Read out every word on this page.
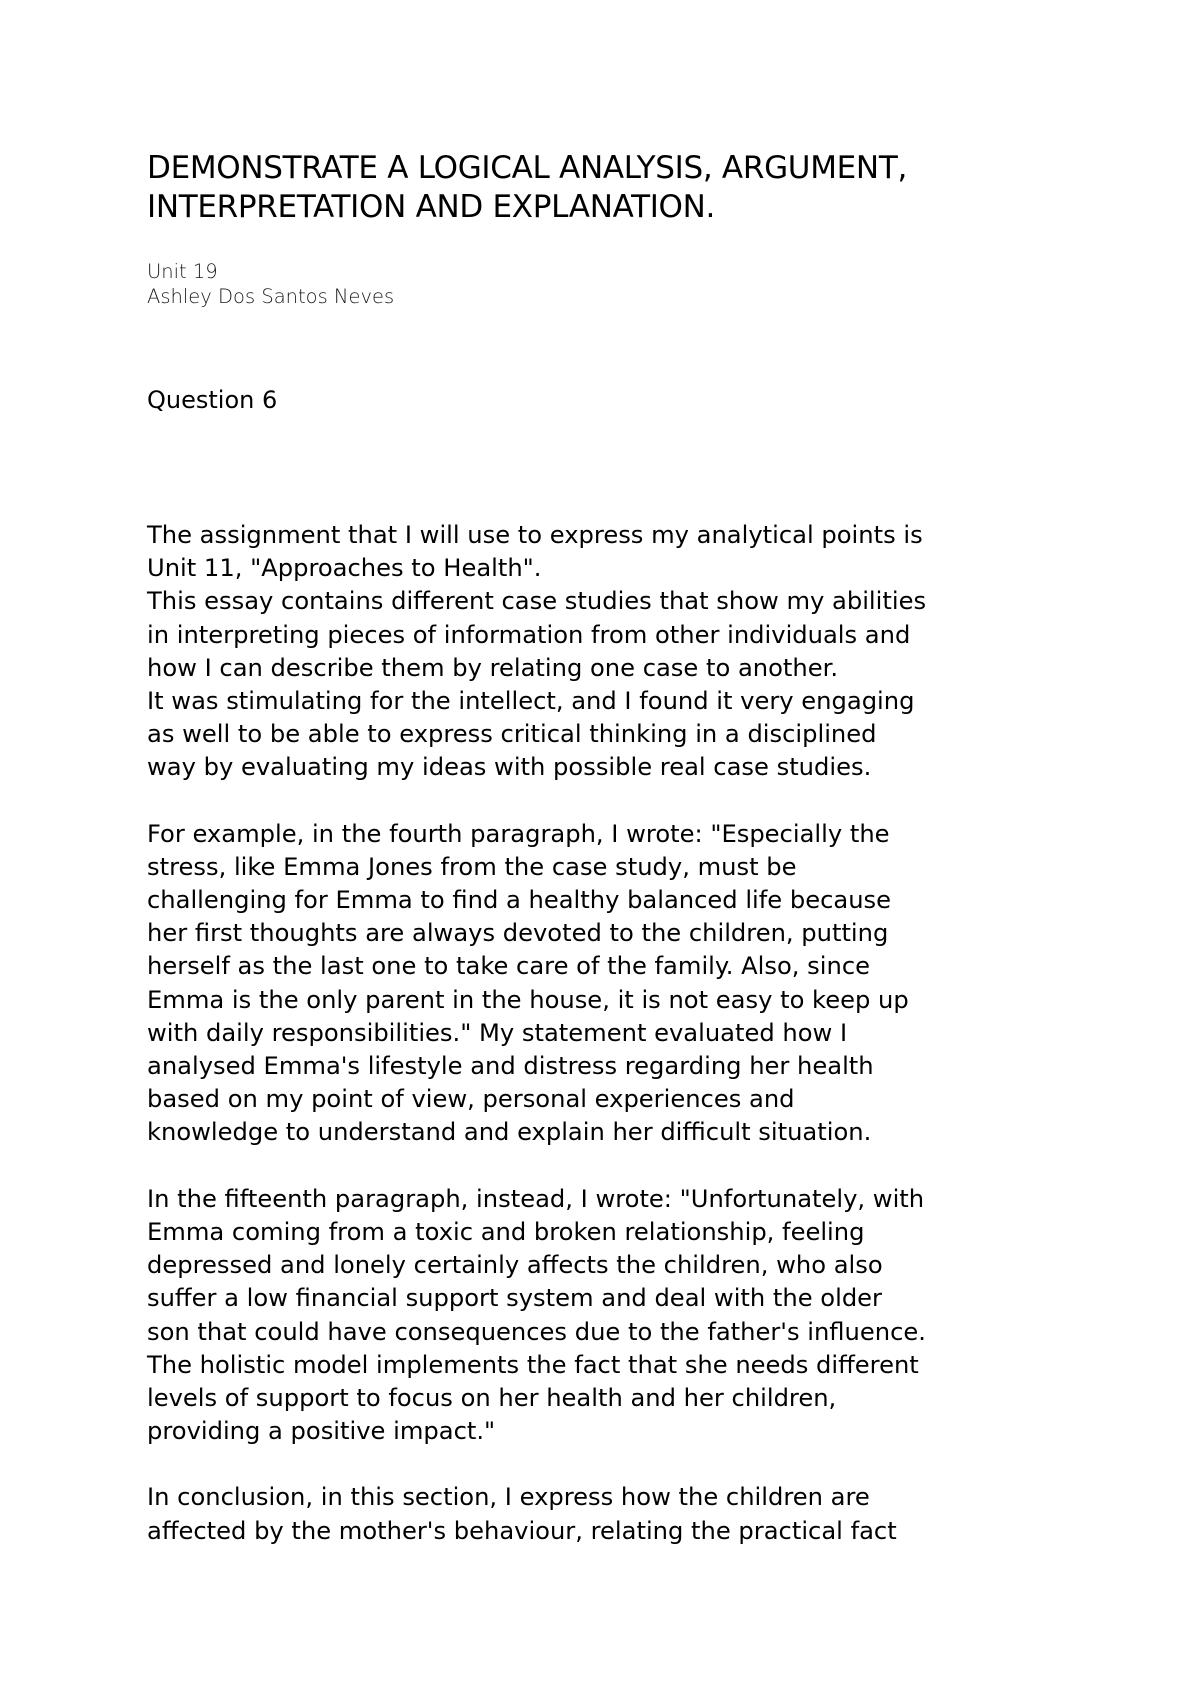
DEMONSTRATE A LOGICAL ANALYSIS, ARGUMENT,
INTERPRETATION AND EXPLANATION.
Unit 19
Ashley Dos Santos Neves
Question 6
The assignment that I will use to express my analytical points is
Unit 11, "Approaches to Health".
This essay contains different case studies that show my abilities
in interpreting pieces of information from other individuals and
how I can describe them by relating one case to another.
It was stimulating for the intellect, and I found it very engaging
as well to be able to express critical thinking in a disciplined
way by evaluating my ideas with possible real case studies.
For example, in the fourth paragraph, I wrote: "Especially the
stress, like Emma Jones from the case study, must be
challenging for Emma to find a healthy balanced life because
her first thoughts are always devoted to the children, putting
herself as the last one to take care of the family. Also, since
Emma is the only parent in the house, it is not easy to keep up
with daily responsibilities." My statement evaluated how I
analysed Emma's lifestyle and distress regarding her health
based on my point of view, personal experiences and
knowledge to understand and explain her difficult situation.
In the fifteenth paragraph, instead, I wrote: "Unfortunately, with
Emma coming from a toxic and broken relationship, feeling
depressed and lonely certainly affects the children, who also
suffer a low financial support system and deal with the older
son that could have consequences due to the father's influence.
The holistic model implements the fact that she needs different
levels of support to focus on her health and her children,
providing a positive impact."
In conclusion, in this section, I express how the children are
affected by the mother's behaviour, relating the practical fact
